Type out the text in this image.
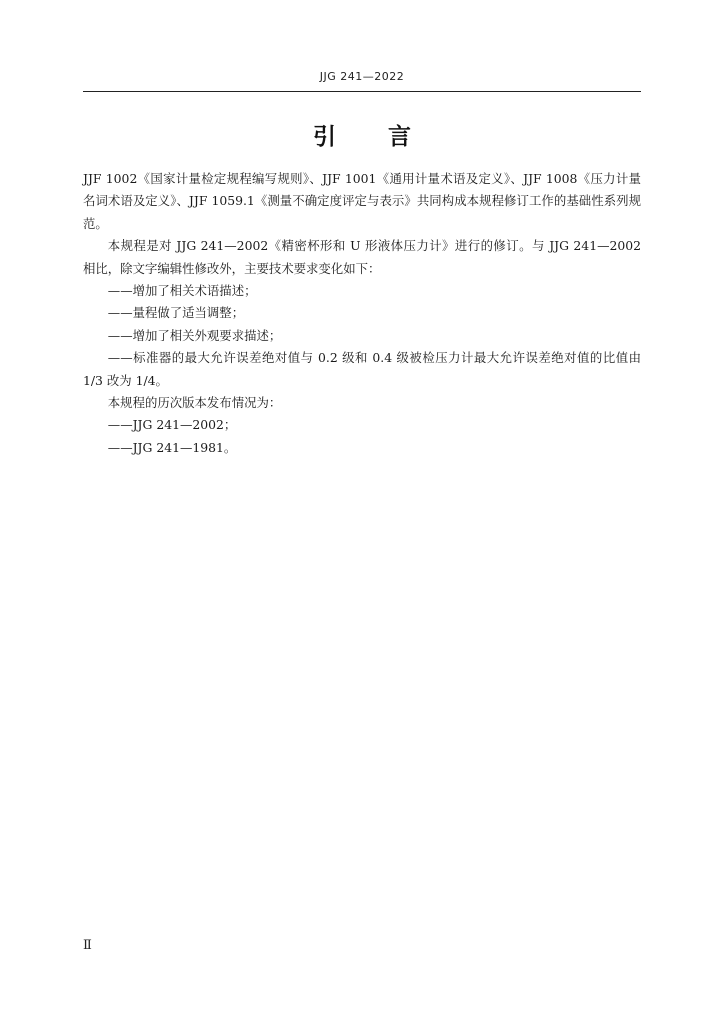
JJG 241—2022
引 言

JJF 1002《国家计量检定规程编写规则》、JJF 1001《通用计量术语及定义》、JJF 1008《压力计量名词术语及定义》、JJF 1059.1《测量不确定度评定与表示》共同构成本规程修订工作的基础性系列规范。

本规程是对 JJG 241—2002《精密杯形和 U 形液体压力计》进行的修订。与 JJG 241—2002 相比，除文字编辑性修改外，主要技术要求变化如下：

——增加了相关术语描述；

——量程做了适当调整；

——增加了相关外观要求描述；

——标准器的最大允许误差绝对值与 0.2 级和 0.4 级被检压力计最大允许误差绝对值的比值由 1/3 改为 1/4。

本规程的历次版本发布情况为：

——JJG 241—2002；

——JJG 241—1981。

Ⅱ
